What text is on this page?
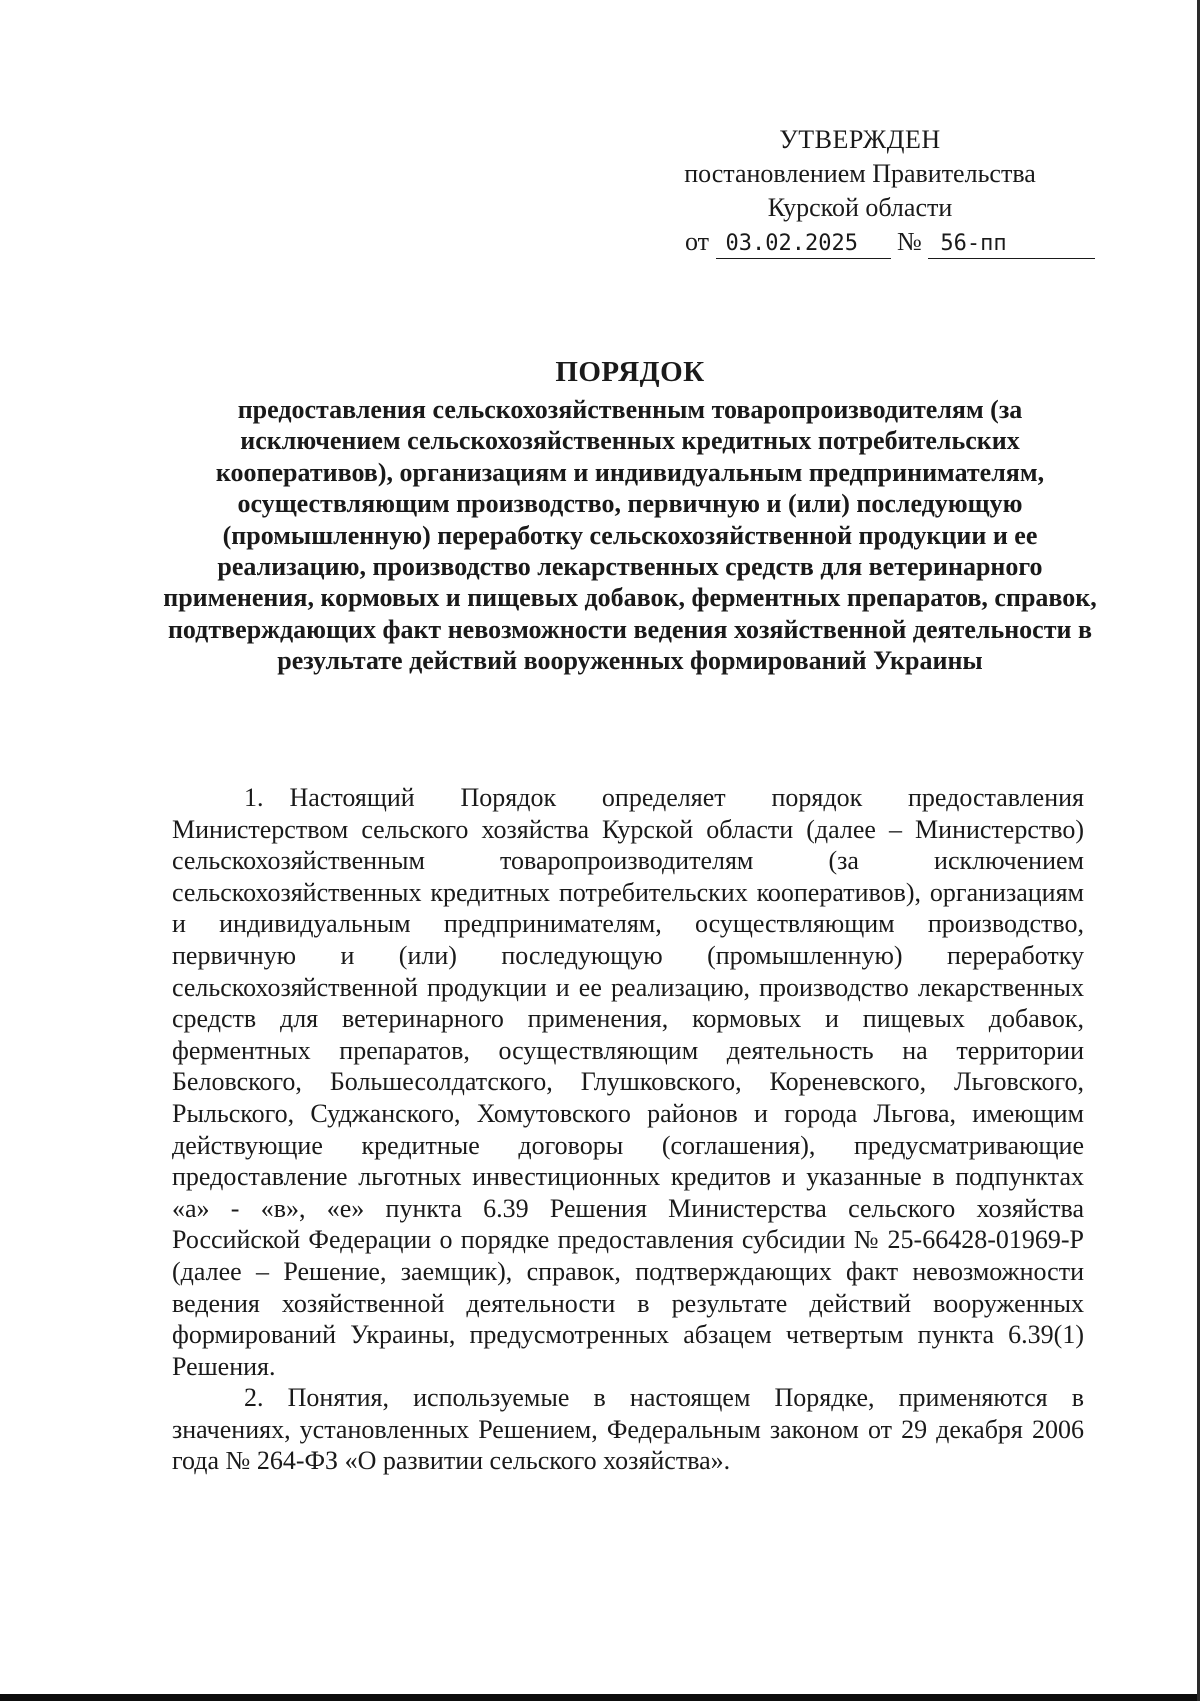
УТВЕРЖДЕН
постановлением Правительства
Курской области
от 03.02.2025 № 56-пп
ПОРЯДОК
предоставления сельскохозяйственным товаропроизводителям (за исключением сельскохозяйственных кредитных потребительских кооперативов), организациям и индивидуальным предпринимателям, осуществляющим производство, первичную и (или) последующую (промышленную) переработку сельскохозяйственной продукции и ее реализацию, производство лекарственных средств для ветеринарного применения, кормовых и пищевых добавок, ферментных препаратов, справок, подтверждающих факт невозможности ведения хозяйственной деятельности в результате действий вооруженных формирований Украины

1. Настоящий Порядок определяет порядок предоставления Министерством сельского хозяйства Курской области (далее – Министерство) сельскохозяйственным товаропроизводителям (за исключением сельскохозяйственных кредитных потребительских кооперативов), организациям и индивидуальным предпринимателям, осуществляющим производство, первичную и (или) последующую (промышленную) переработку сельскохозяйственной продукции и ее реализацию, производство лекарственных средств для ветеринарного применения, кормовых и пищевых добавок, ферментных препаратов, осуществляющим деятельность на территории Беловского, Большесолдатского, Глушковского, Кореневского, Льговского, Рыльского, Суджанского, Хомутовского районов и города Льгова, имеющим действующие кредитные договоры (соглашения), предусматривающие предоставление льготных инвестиционных кредитов и указанные в подпунктах «а» - «в», «е» пункта 6.39 Решения Министерства сельского хозяйства Российской Федерации о порядке предоставления субсидии № 25-66428-01969-Р (далее – Решение, заемщик), справок, подтверждающих факт невозможности ведения хозяйственной деятельности в результате действий вооруженных формирований Украины, предусмотренных абзацем четвертым пункта 6.39(1) Решения.

2. Понятия, используемые в настоящем Порядке, применяются в значениях, установленных Решением, Федеральным законом от 29 декабря 2006 года № 264-ФЗ «О развитии сельского хозяйства».
